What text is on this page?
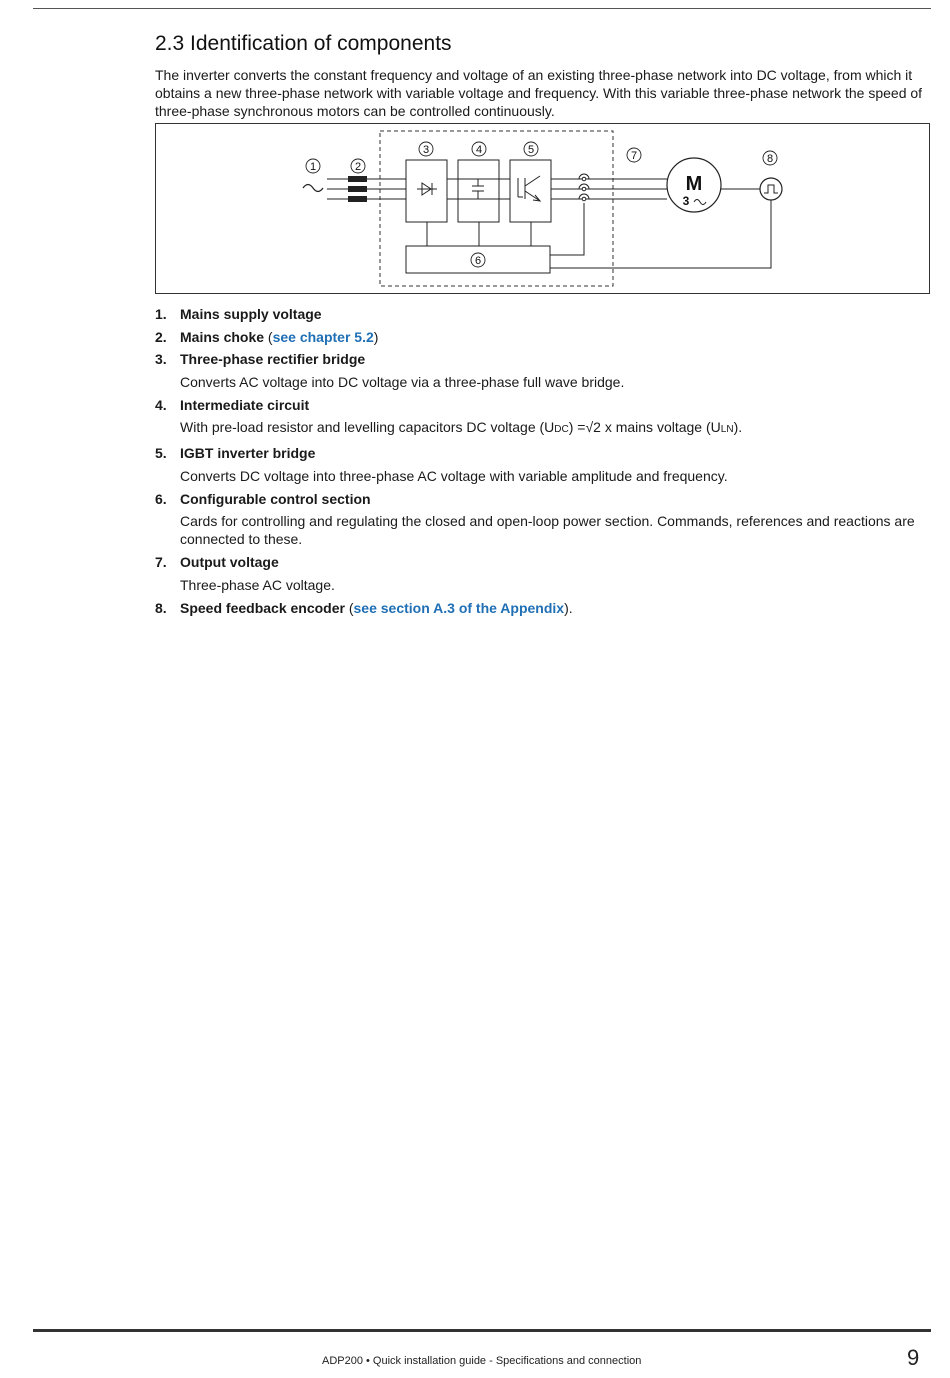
2.3 Identification of components

The inverter converts the constant frequency and voltage of an existing three-phase network into DC voltage, from which it obtains a new three-phase network with variable voltage and frequency. With this variable three-phase network the speed of three-phase synchronous motors can be controlled continuously.

M
3
1	2
3	4	5
6
7	8
1. Mains supply voltage
2. Mains choke (see chapter 5.2)
3. Three-phase rectifier bridge
Converts AC voltage into DC voltage via a three-phase full wave bridge.
4. Intermediate circuit
With pre-load resistor and levelling capacitors DC voltage (UDC) =√2 x mains voltage (ULN).
5. IGBT inverter bridge
Converts DC voltage into three-phase AC voltage with variable amplitude and frequency.
6. Configurable control section
Cards for controlling and regulating the closed and open-loop power section. Commands, references and reactions are connected to these.
7. Output voltage
Three-phase AC voltage.
8. Speed feedback encoder (see section A.3 of the Appendix).
ADP200 • Quick installation guide - Specifications and connection	9
